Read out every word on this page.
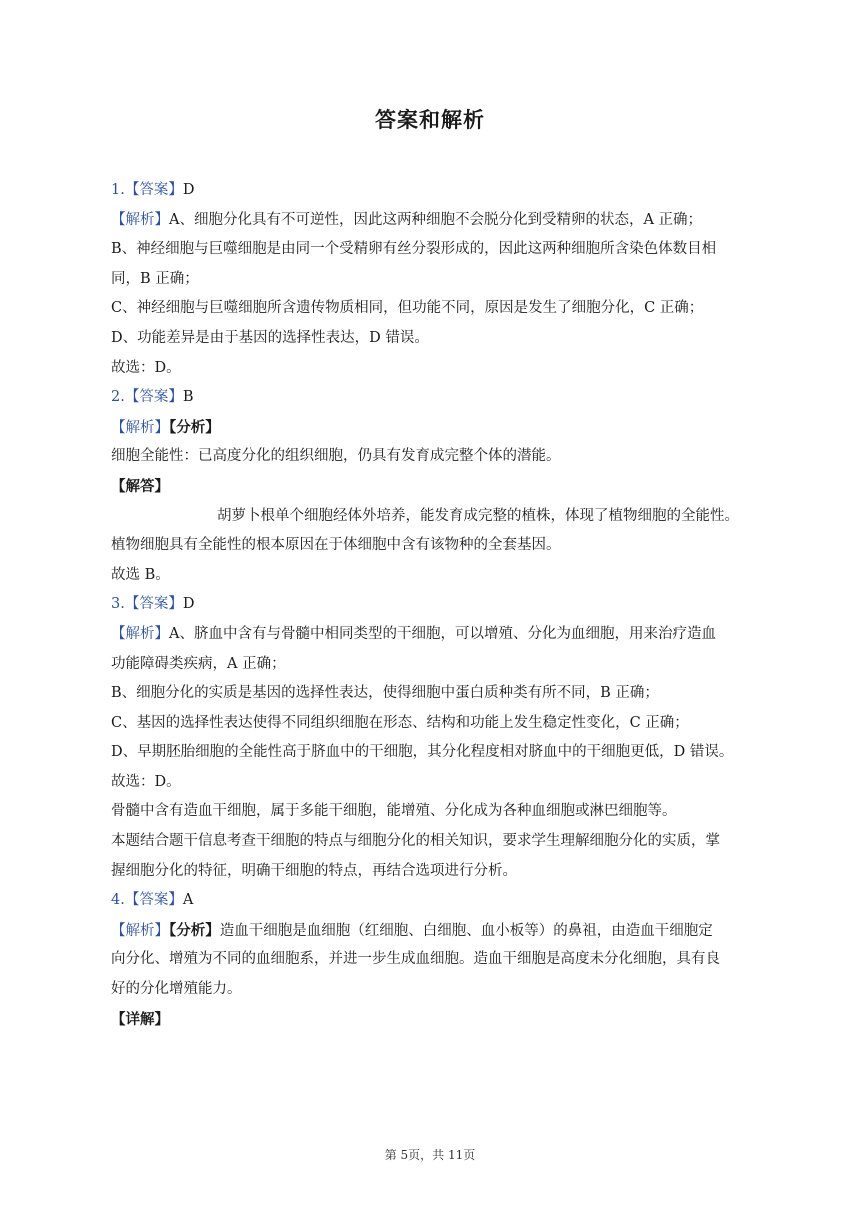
答案和解析
1.【答案】D
【解析】A、细胞分化具有不可逆性，因此这两种细胞不会脱分化到受精卵的状态，A 正确；
B、神经细胞与巨噬细胞是由同一个受精卵有丝分裂形成的，因此这两种细胞所含染色体数目相
同，B 正确；
C、神经细胞与巨噬细胞所含遗传物质相同，但功能不同，原因是发生了细胞分化，C 正确；
D、功能差异是由于基因的选择性表达，D 错误。
故选：D。
2.【答案】B
【解析】【分析】
细胞全能性：已高度分化的组织细胞，仍具有发育成完整个体的潜能。
【解答】
胡萝卜根单个细胞经体外培养，能发育成完整的植株，体现了植物细胞的全能性。
植物细胞具有全能性的根本原因在于体细胞中含有该物种的全套基因。
故选 B。
3.【答案】D
【解析】A、脐血中含有与骨髓中相同类型的干细胞，可以增殖、分化为血细胞，用来治疗造血
功能障碍类疾病，A 正确；
B、细胞分化的实质是基因的选择性表达，使得细胞中蛋白质种类有所不同，B 正确；
C、基因的选择性表达使得不同组织细胞在形态、结构和功能上发生稳定性变化，C 正确；
D、早期胚胎细胞的全能性高于脐血中的干细胞，其分化程度相对脐血中的干细胞更低，D 错误。
故选：D。
骨髓中含有造血干细胞，属于多能干细胞，能增殖、分化成为各种血细胞或淋巴细胞等。
本题结合题干信息考查干细胞的特点与细胞分化的相关知识，要求学生理解细胞分化的实质，掌
握细胞分化的特征，明确干细胞的特点，再结合选项进行分析。
4.【答案】A
【解析】【分析】造血干细胞是血细胞（红细胞、白细胞、血小板等）的鼻祖，由造血干细胞定
向分化、增殖为不同的血细胞系，并进一步生成血细胞。造血干细胞是高度未分化细胞，具有良
好的分化增殖能力。
【详解】
第 5页，共 11页
